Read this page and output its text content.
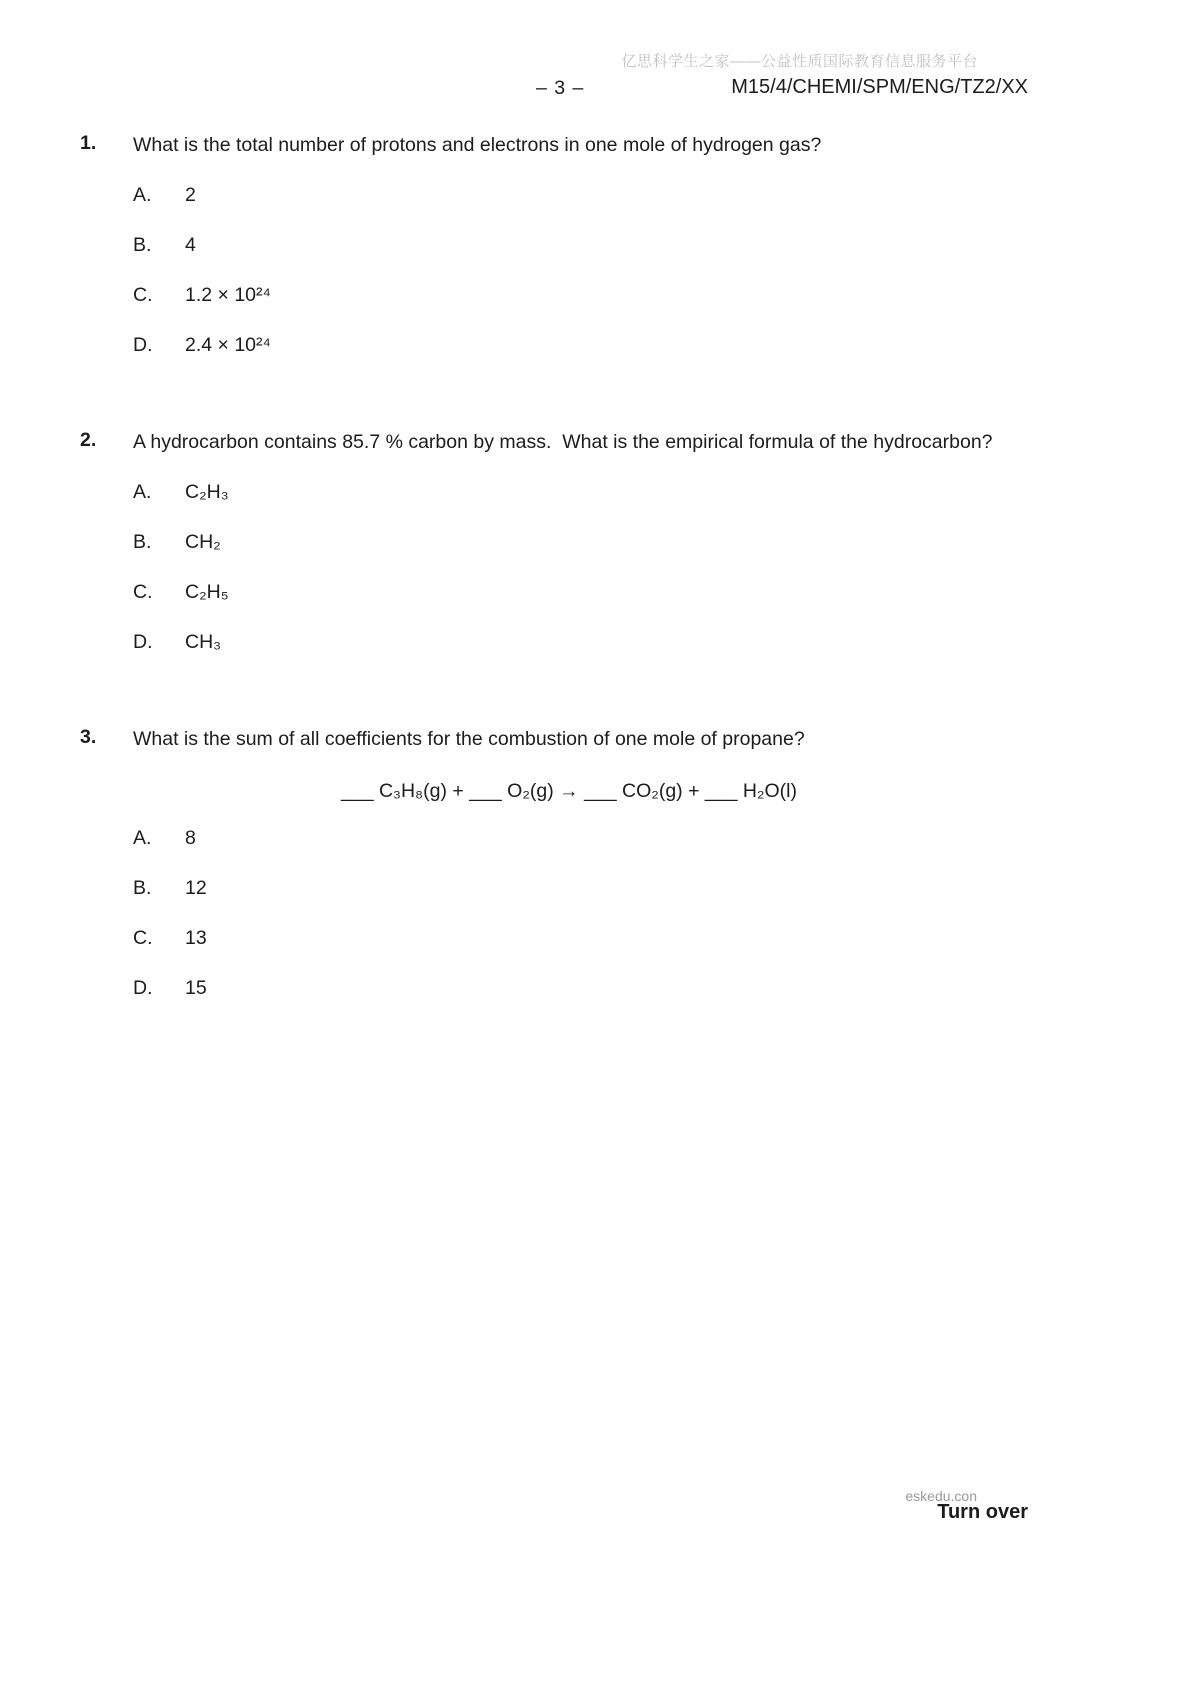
亿思科学生之家——公益性质国际教育信息服务平台
– 3 –	M15/4/CHEMI/SPM/ENG/TZ2/XX
1.	What is the total number of protons and electrons in one mole of hydrogen gas?
A.	2
B.	4
C.	1.2 × 10²⁴
D.	2.4 × 10²⁴
2.	A hydrocarbon contains 85.7 % carbon by mass.  What is the empirical formula of the hydrocarbon?
A.	C₂H₃
B.	CH₂
C.	C₂H₅
D.	CH₃
3.	What is the sum of all coefficients for the combustion of one mole of propane?
___ C₃H₈(g) + ___ O₂(g) → ___ CO₂(g) + ___ H₂O(l)
A.	8
B.	12
C.	13
D.	15
eskedu.con
Turn over
